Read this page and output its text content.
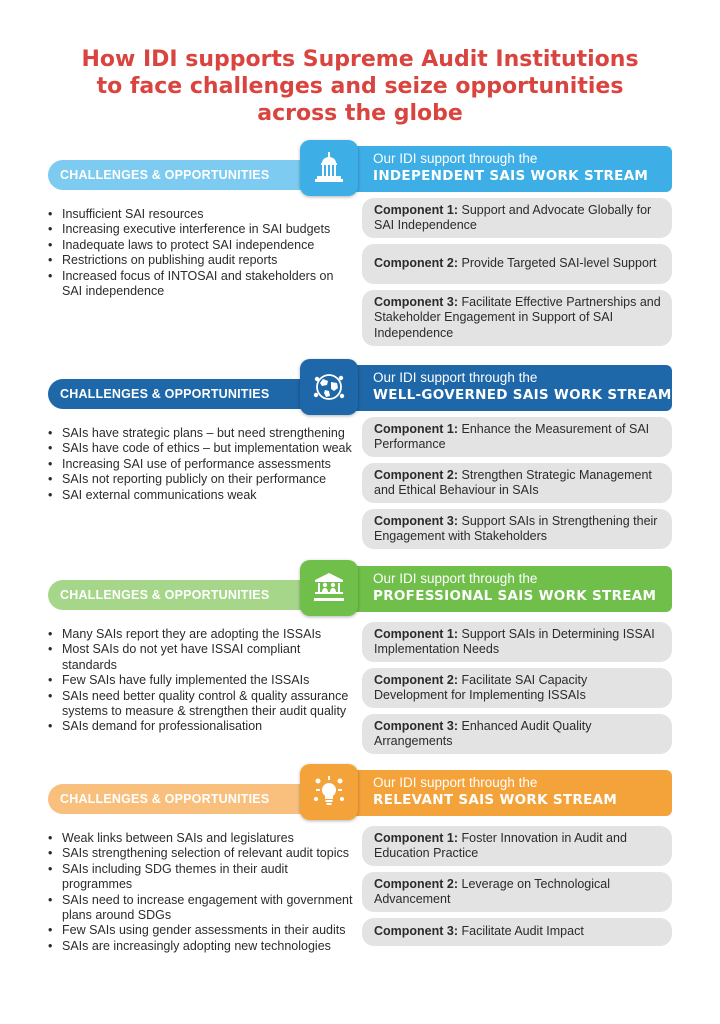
How IDI supports Supreme Audit Institutions
to face challenges and seize opportunities
across the globe
CHALLENGES & OPPORTUNITIES
Our IDI support through the
INDEPENDENT SAIS WORK STREAM
• Insufficient SAI resources
• Increasing executive interference in SAI budgets
• Inadequate laws to protect SAI independence
• Restrictions on publishing audit reports
• Increased focus of INTOSAI and stakeholders on SAI independence
Component 1: Support and Advocate Globally for SAI Independence
Component 2: Provide Targeted SAI-level Support
Component 3: Facilitate Effective Partnerships and Stakeholder Engagement in Support of SAI Independence
CHALLENGES & OPPORTUNITIES
Our IDI support through the
WELL-GOVERNED SAIS WORK STREAM
• SAIs have strategic plans – but need strengthening
• SAIs have code of ethics – but implementation weak
• Increasing SAI use of performance assessments
• SAIs not reporting publicly on their performance
• SAI external communications weak
Component 1: Enhance the Measurement of SAI Performance
Component 2: Strengthen Strategic Management and Ethical Behaviour in SAIs
Component 3: Support SAIs in Strengthening their Engagement with Stakeholders
CHALLENGES & OPPORTUNITIES
Our IDI support through the
PROFESSIONAL SAIS WORK STREAM
• Many SAIs report they are adopting the ISSAIs
• Most SAIs do not yet have ISSAI compliant standards
• Few SAIs have fully implemented the ISSAIs
• SAIs need better quality control & quality assurance systems to measure & strengthen their audit quality
• SAIs demand for professionalisation
Component 1: Support SAIs in Determining ISSAI Implementation Needs
Component 2: Facilitate SAI Capacity Development for Implementing ISSAIs
Component 3: Enhanced Audit Quality Arrangements
CHALLENGES & OPPORTUNITIES
Our IDI support through the
RELEVANT SAIS WORK STREAM
• Weak links between SAIs and legislatures
• SAIs strengthening selection of relevant audit topics
• SAIs including SDG themes in their audit programmes
• SAIs need to increase engagement with government plans around SDGs
• Few SAIs using gender assessments in their audits
• SAIs are increasingly adopting new technologies
Component 1: Foster Innovation in Audit and Education Practice
Component 2: Leverage on Technological Advancement
Component 3: Facilitate Audit Impact
